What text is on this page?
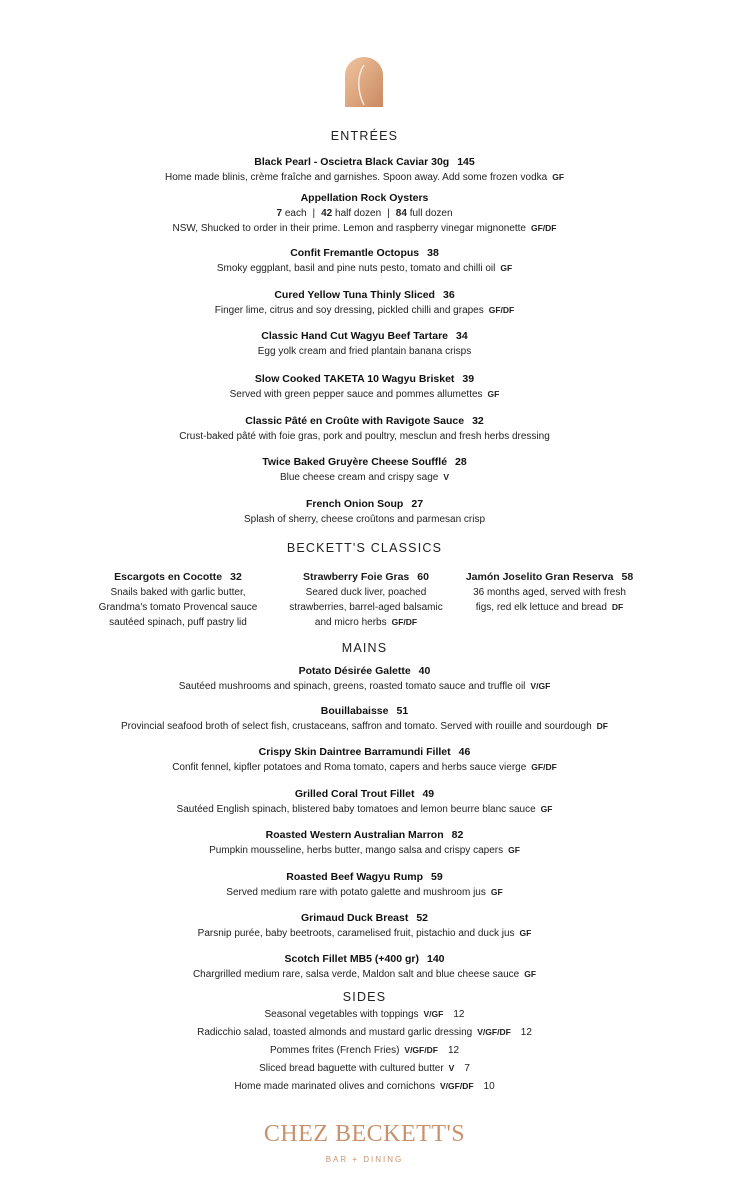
ENTRÉES
Black Pearl - Oscietra Black Caviar 30g 145
Home made blinis, crème fraîche and garnishes. Spoon away. Add some frozen vodka GF
Appellation Rock Oysters
7 each | 42 half dozen | 84 full dozen
NSW, Shucked to order in their prime. Lemon and raspberry vinegar mignonette GF/DF
Confit Fremantle Octopus 38
Smoky eggplant, basil and pine nuts pesto, tomato and chilli oil GF
Cured Yellow Tuna Thinly Sliced 36
Finger lime, citrus and soy dressing, pickled chilli and grapes GF/DF
Classic Hand Cut Wagyu Beef Tartare 34
Egg yolk cream and fried plantain banana crisps
Slow Cooked TAKETA 10 Wagyu Brisket 39
Served with green pepper sauce and pommes allumettes GF
Classic Pâté en Croûte with Ravigote Sauce 32
Crust-baked pâté with foie gras, pork and poultry, mesclun and fresh herbs dressing
Twice Baked Gruyère Cheese Soufflé 28
Blue cheese cream and crispy sage V
French Onion Soup 27
Splash of sherry, cheese croûtons and parmesan crisp
BECKETT'S CLASSICS
Escargots en Cocotte 32
Snails baked with garlic butter,
Grandma's tomato Provencal sauce
sautéed spinach, puff pastry lid
Strawberry Foie Gras 60
Seared duck liver, poached
strawberries, barrel-aged balsamic
and micro herbs GF/DF
Jamón Joselito Gran Reserva 58
36 months aged, served with fresh
figs, red elk lettuce and bread DF
MAINS
Potato Désirée Galette 40
Sautéed mushrooms and spinach, greens, roasted tomato sauce and truffle oil V/GF
Bouillabaisse 51
Provincial seafood broth of select fish, crustaceans, saffron and tomato. Served with rouille and sourdough DF
Crispy Skin Daintree Barramundi Fillet 46
Confit fennel, kipfler potatoes and Roma tomato, capers and herbs sauce vierge GF/DF
Grilled Coral Trout Fillet 49
Sautéed English spinach, blistered baby tomatoes and lemon beurre blanc sauce GF
Roasted Western Australian Marron 82
Pumpkin mousseline, herbs butter, mango salsa and crispy capers GF
Roasted Beef Wagyu Rump 59
Served medium rare with potato galette and mushroom jus GF
Grimaud Duck Breast 52
Parsnip purée, baby beetroots, caramelised fruit, pistachio and duck jus GF
Scotch Fillet MB5 (+400 gr) 140
Chargrilled medium rare, salsa verde, Maldon salt and blue cheese sauce GF
SIDES
Seasonal vegetables with toppings V/GF 12
Radicchio salad, toasted almonds and mustard garlic dressing V/GF/DF 12
Pommes frites (French Fries) V/GF/DF 12
Sliced bread baguette with cultured butter V 7
Home made marinated olives and cornichons V/GF/DF 10
CHEZ BECKETT'S
BAR + DINING
